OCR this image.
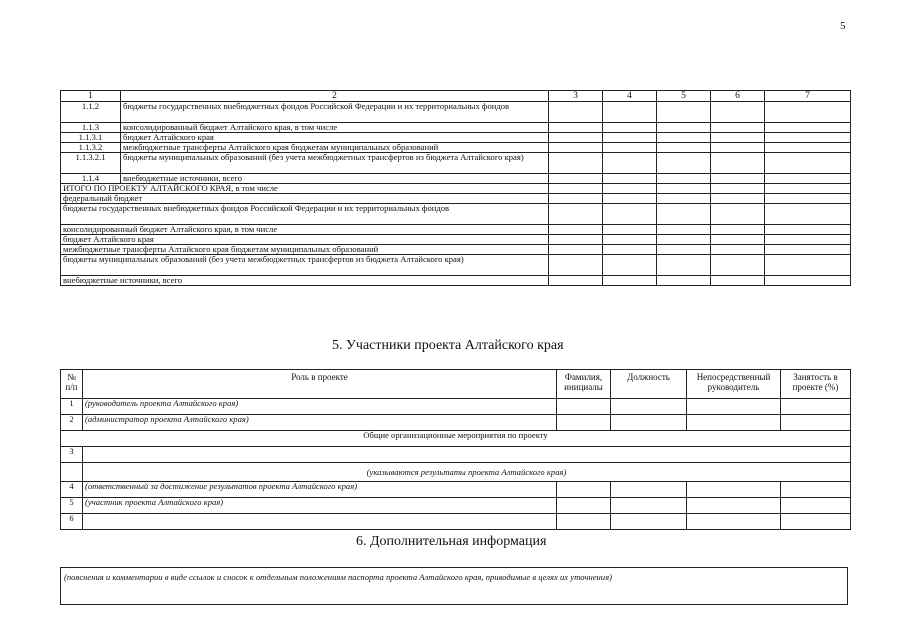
5
1	2	3	4	5	6	7
1.1.2	бюджеты государственных внебюджетных фондов Российской Федерации и их территориальных фондов					
1.1.3	консолидированный бюджет Алтайского края, в том числе					
1.1.3.1	бюджет Алтайского края					
1.1.3.2	межбюджетные трансферты Алтайского края бюджетам муниципальных образований					
1.1.3.2.1	бюджеты муниципальных образований (без учета межбюджетных трансфертов из бюджета Алтайского края)					
1.1.4	внебюджетные источники, всего					
ИТОГО ПО ПРОЕКТУ АЛТАЙСКОГО КРАЯ, в том числе						
федеральный бюджет						
бюджеты государственных внебюджетных фондов Российской Федерации и их территориальных фондов						
консолидированный бюджет Алтайского края, в том числе						
бюджет Алтайского края						
межбюджетные трансферты Алтайского края бюджетам муниципальных образований						
бюджеты муниципальных образований (без учета межбюджетных трансфертов из бюджета Алтайского края)						
внебюджетные источники, всего						
5. Участники проекта Алтайского края
№ п/п	Роль в проекте	Фамилия, инициалы	Должность	Непосредственный руководитель	Занятость в проекте (%)
1	(руководитель проекта Алтайского края)				
2	(администратор проекта Алтайского края)				
Общие организационные мероприятия по проекту					
3					
	(указываются результаты проекта Алтайского края)				
4	(ответственный за достижение результатов проекта Алтайского края)				
5	(участник проекта Алтайского края)				
6					
6. Дополнительная информация
(пояснения и комментарии в виде ссылок и сносок к отдельным положениям паспорта проекта Алтайского края, приводимые в целях их уточнения)
